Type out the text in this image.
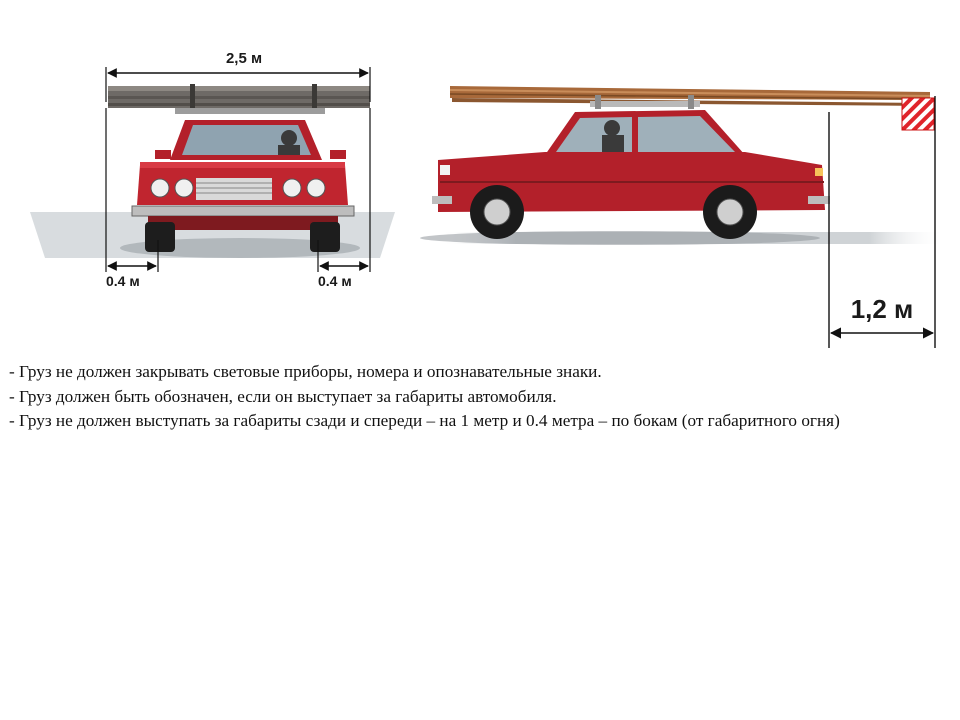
2,5 м
0.4 м	0.4 м
1,2 м
- Груз не должен закрывать световые приборы, номера и опознавательные знаки.
- Груз должен быть обозначен, если он выступает за габариты автомобиля.
- Груз не должен выступать за габариты сзади и спереди – на 1 метр и 0.4 метра – по бокам (от габаритного огня)
